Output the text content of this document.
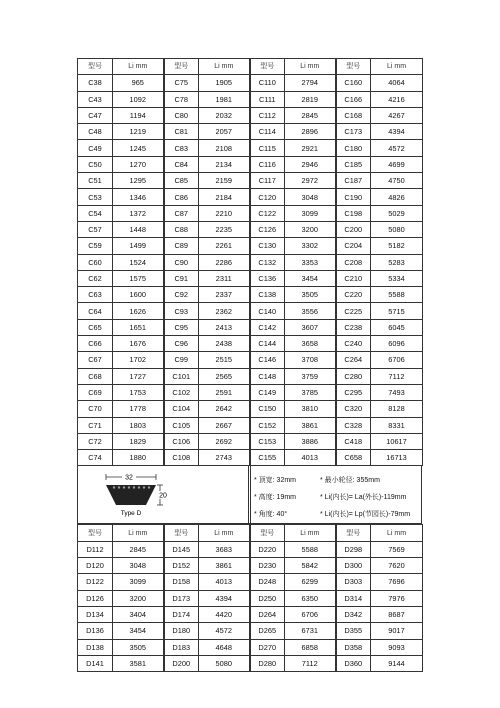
型号	Li mm	型号	Li mm	型号	Li mm	型号	Li mm
C38	965	C75	1905	C110	2794	C160	4064
C43	1092	C78	1981	C111	2819	C166	4216
C47	1194	C80	2032	C112	2845	C168	4267
C48	1219	C81	2057	C114	2896	C173	4394
C49	1245	C83	2108	C115	2921	C180	4572
C50	1270	C84	2134	C116	2946	C185	4699
C51	1295	C85	2159	C117	2972	C187	4750
C53	1346	C86	2184	C120	3048	C190	4826
C54	1372	C87	2210	C122	3099	C198	5029
C57	1448	C88	2235	C126	3200	C200	5080
C59	1499	C89	2261	C130	3302	C204	5182
C60	1524	C90	2286	C132	3353	C208	5283
C62	1575	C91	2311	C136	3454	C210	5334
C63	1600	C92	2337	C138	3505	C220	5588
C64	1626	C93	2362	C140	3556	C225	5715
C65	1651	C95	2413	C142	3607	C238	6045
C66	1676	C96	2438	C144	3658	C240	6096
C67	1702	C99	2515	C146	3708	C264	6706
C68	1727	C101	2565	C148	3759	C280	7112
C69	1753	C102	2591	C149	3785	C295	7493
C70	1778	C104	2642	C150	3810	C320	8128
C71	1803	C105	2667	C152	3861	C328	8331
C72	1829	C106	2692	C153	3886	C418	10617
C74	1880	C108	2743	C155	4013	C658	16713
32
20
Type D
* 顶宽: 32mm	* 最小轮径: 355mm
* 高度: 19mm	* Li(内长)= La(外长)-119mm
* 角度: 40°	* Li(内长)= Lp(节园长)-79mm
型号	Li mm	型号	Li mm	型号	Li mm	型号	Li mm
D112	2845	D145	3683	D220	5588	D298	7569
D120	3048	D152	3861	D230	5842	D300	7620
D122	3099	D158	4013	D248	6299	D303	7696
D126	3200	D173	4394	D250	6350	D314	7976
D134	3404	D174	4420	D264	6706	D342	8687
D136	3454	D180	4572	D265	6731	D355	9017
D138	3505	D183	4648	D270	6858	D358	9093
D141	3581	D200	5080	D280	7112	D360	9144
